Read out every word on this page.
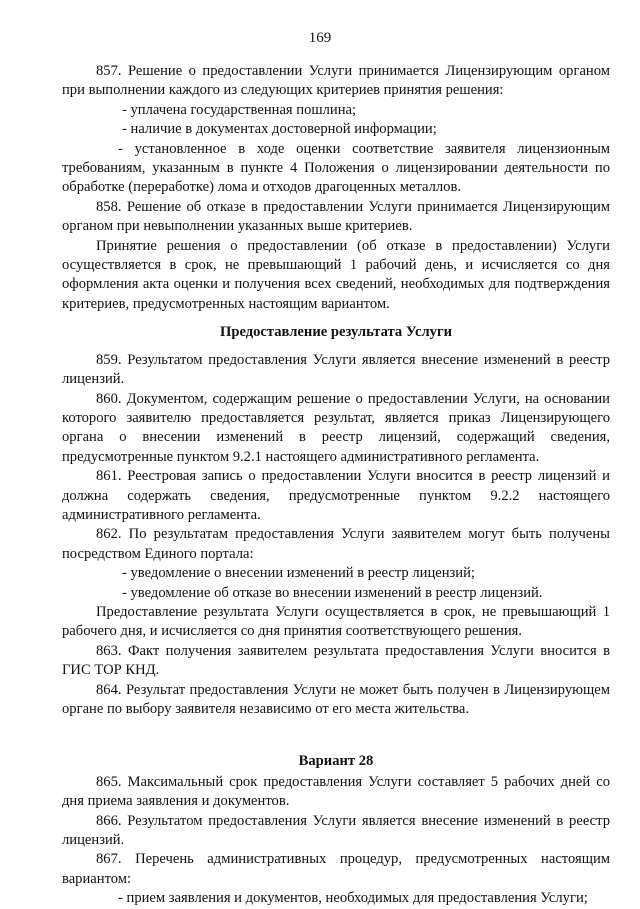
169

857. Решение о предоставлении Услуги принимается Лицензирующим органом при выполнении каждого из следующих критериев принятия решения:

- уплачена государственная пошлина;

- наличие в документах достоверной информации;

- установленное в ходе оценки соответствие заявителя лицензионным требованиям, указанным в пункте 4 Положения о лицензировании деятельности по обработке (переработке) лома и отходов драгоценных металлов.

858. Решение об отказе в предоставлении Услуги принимается Лицензирующим органом при невыполнении указанных выше критериев.

Принятие решения о предоставлении (об отказе в предоставлении) Услуги осуществляется в срок, не превышающий 1 рабочий день, и исчисляется со дня оформления акта оценки и получения всех сведений, необходимых для подтверждения критериев, предусмотренных настоящим вариантом.

Предоставление результата Услуги

859. Результатом предоставления Услуги является внесение изменений в реестр лицензий.

860. Документом, содержащим решение о предоставлении Услуги, на основании которого заявителю предоставляется результат, является приказ Лицензирующего органа о внесении изменений в реестр лицензий, содержащий сведения, предусмотренные пунктом 9.2.1 настоящего административного регламента.

861. Реестровая запись о предоставлении Услуги вносится в реестр лицензий и должна содержать сведения, предусмотренные пунктом 9.2.2 настоящего административного регламента.

862. По результатам предоставления Услуги заявителем могут быть получены посредством Единого портала:

- уведомление о внесении изменений в реестр лицензий;

- уведомление об отказе во внесении изменений в реестр лицензий.

Предоставление результата Услуги осуществляется в срок, не превышающий 1 рабочего дня, и исчисляется со дня принятия соответствующего решения.

863. Факт получения заявителем результата предоставления Услуги вносится в ГИС ТОР КНД.

864. Результат предоставления Услуги не может быть получен в Лицензирующем органе по выбору заявителя независимо от его места жительства.

Вариант 28

865. Максимальный срок предоставления Услуги составляет 5 рабочих дней со дня приема заявления и документов.

866. Результатом предоставления Услуги является внесение изменений в реестр лицензий.

867. Перечень административных процедур, предусмотренных настоящим вариантом:

- прием заявления и документов, необходимых для предоставления Услуги;
